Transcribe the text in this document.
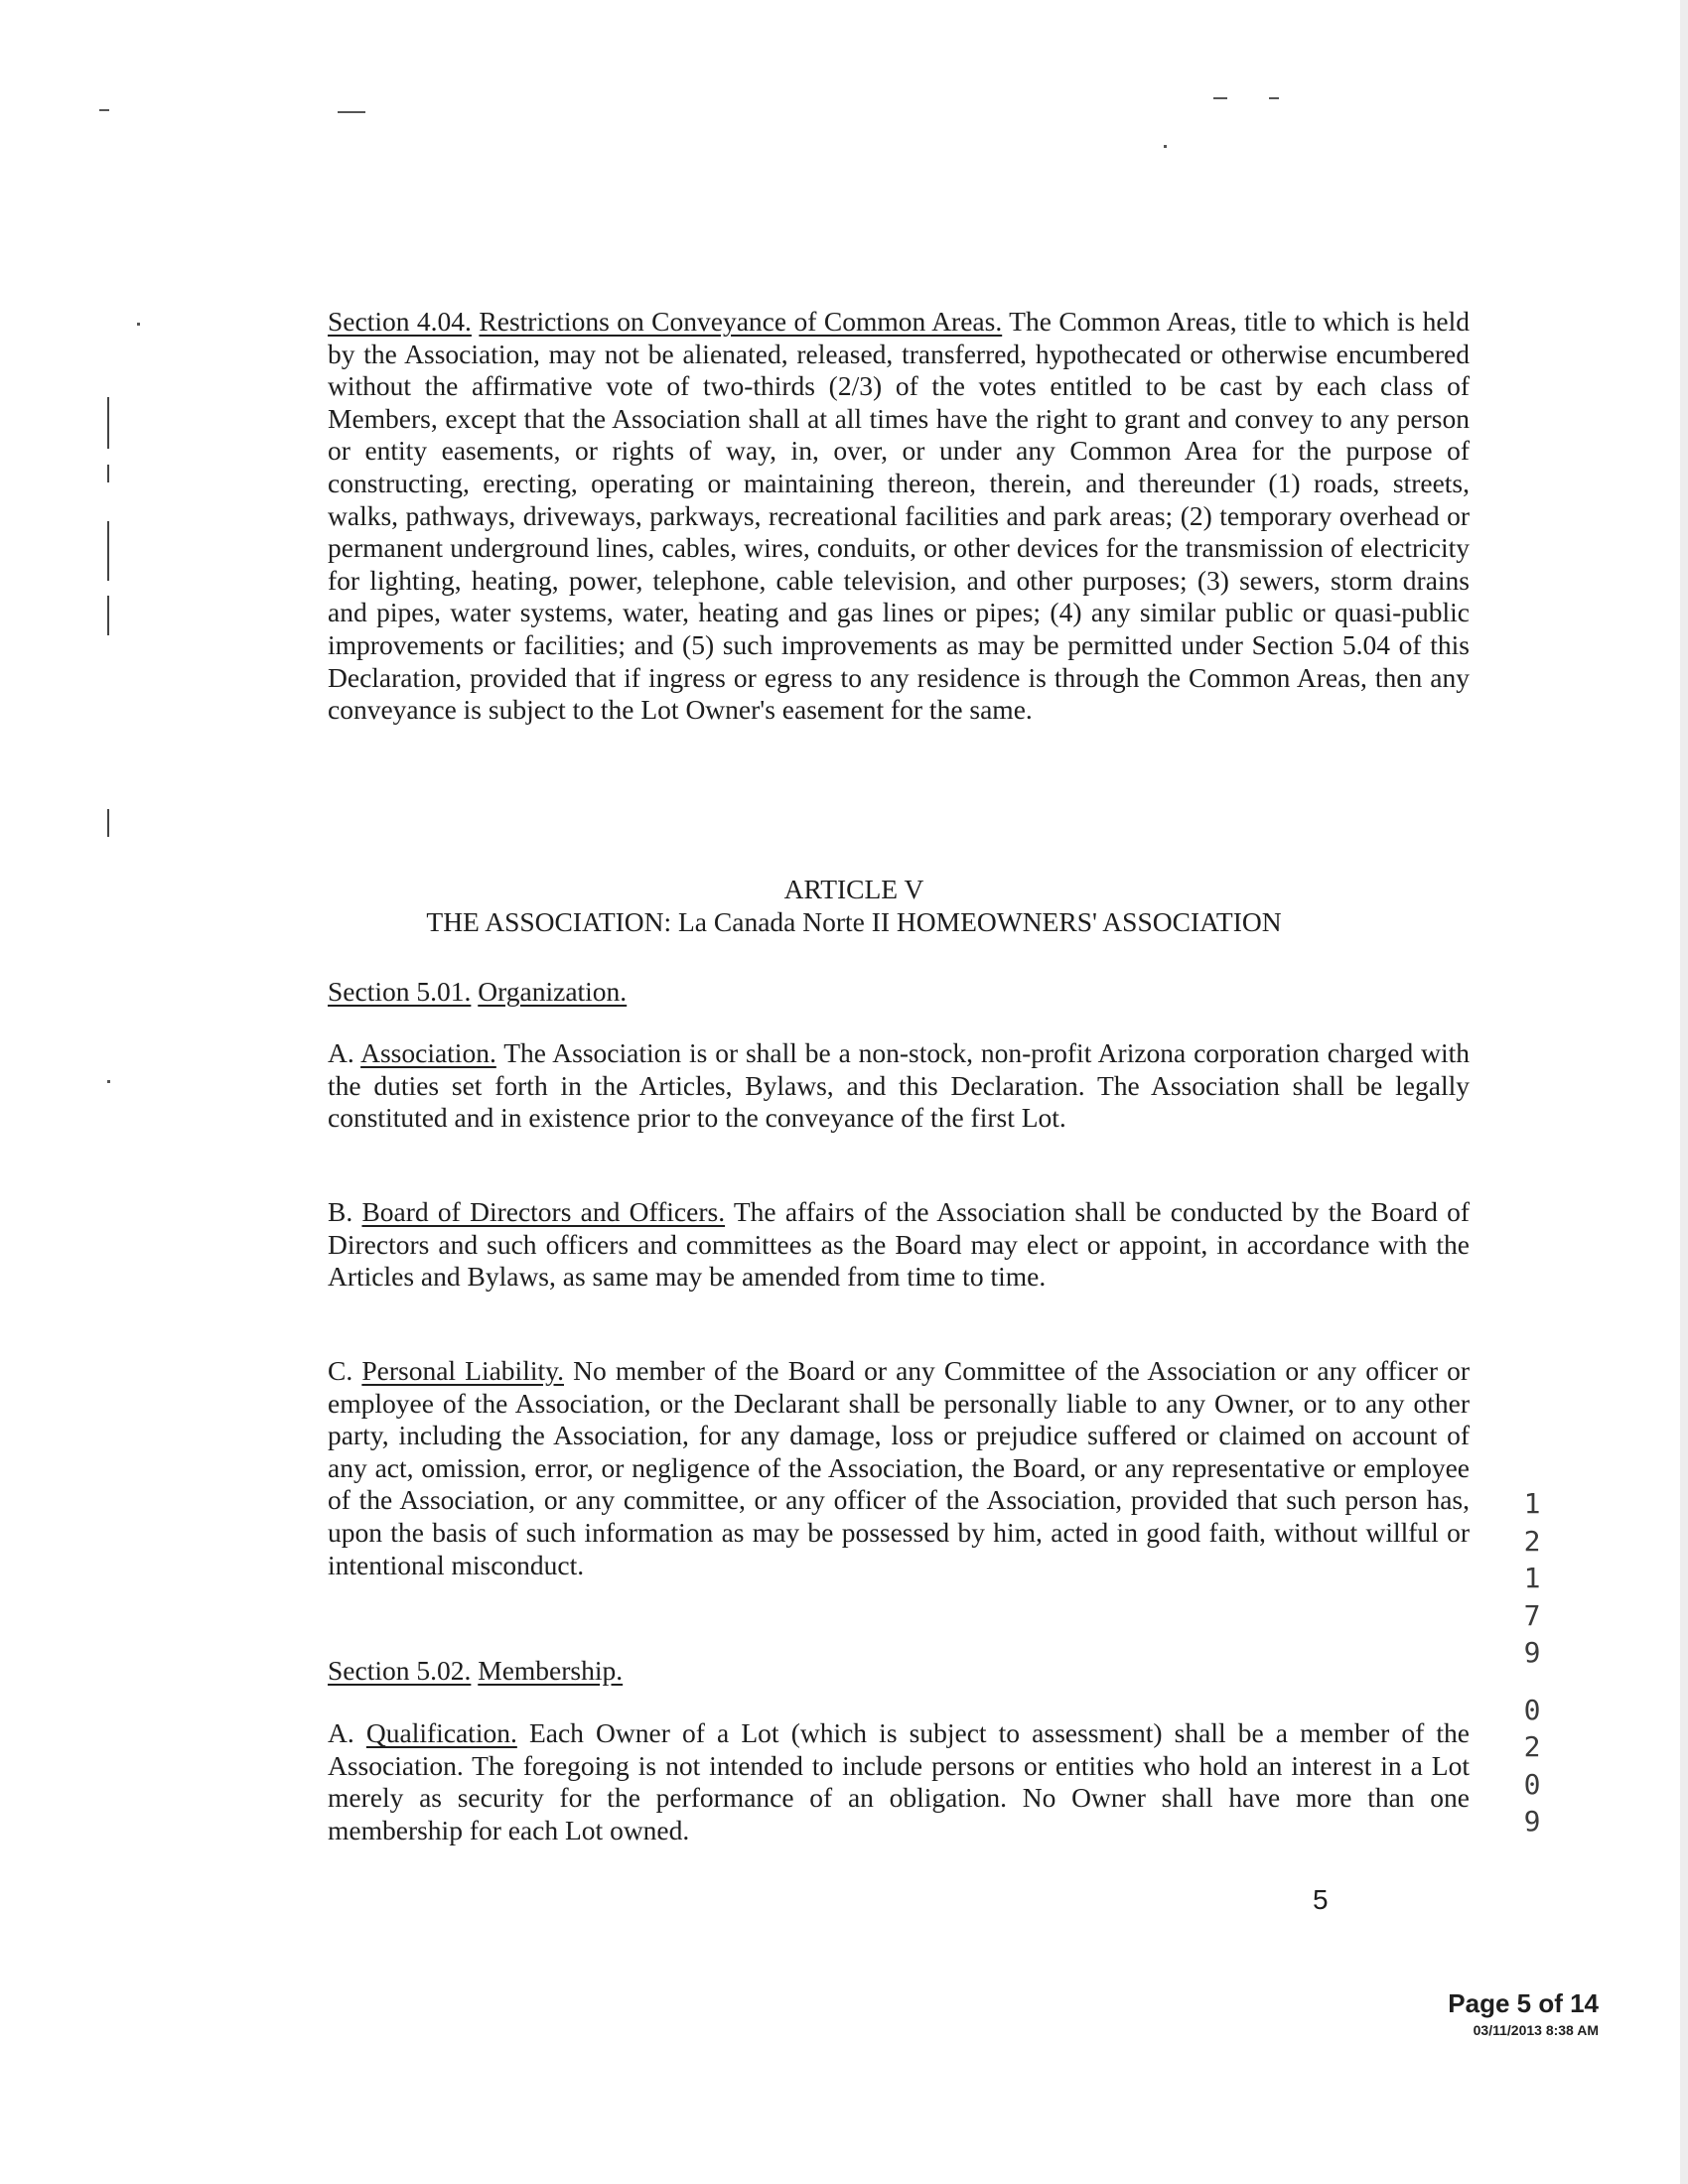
Section 4.04. Restrictions on Conveyance of Common Areas. The Common Areas, title to which is held by the Association, may not be alienated, released, transferred, hypothecated or otherwise encumbered without the affirmative vote of two-thirds (2/3) of the votes entitled to be cast by each class of Members, except that the Association shall at all times have the right to grant and convey to any person or entity easements, or rights of way, in, over, or under any Common Area for the purpose of constructing, erecting, operating or maintaining thereon, therein, and thereunder (1) roads, streets, walks, pathways, driveways, parkways, recreational facilities and park areas; (2) temporary overhead or permanent underground lines, cables, wires, conduits, or other devices for the transmission of electricity for lighting, heating, power, telephone, cable television, and other purposes; (3) sewers, storm drains and pipes, water systems, water, heating and gas lines or pipes; (4) any similar public or quasi-public improvements or facilities; and (5) such improvements as may be permitted under Section 5.04 of this Declaration, provided that if ingress or egress to any residence is through the Common Areas, then any conveyance is subject to the Lot Owner's easement for the same.

ARTICLE V
THE ASSOCIATION: La Canada Norte II HOMEOWNERS' ASSOCIATION
Section 5.01. Organization.

A. Association. The Association is or shall be a non-stock, non-profit Arizona corporation charged with the duties set forth in the Articles, Bylaws, and this Declaration. The Association shall be legally constituted and in existence prior to the conveyance of the first Lot.

B. Board of Directors and Officers. The affairs of the Association shall be conducted by the Board of Directors and such officers and committees as the Board may elect or appoint, in accordance with the Articles and Bylaws, as same may be amended from time to time.

C. Personal Liability. No member of the Board or any Committee of the Association or any officer or employee of the Association, or the Declarant shall be personally liable to any Owner, or to any other party, including the Association, for any damage, loss or prejudice suffered or claimed on account of any act, omission, error, or negligence of the Association, the Board, or any representative or employee of the Association, or any committee, or any officer of the Association, provided that such person has, upon the basis of such information as may be possessed by him, acted in good faith, without willful or intentional misconduct.

Section 5.02. Membership.

A. Qualification. Each Owner of a Lot (which is subject to assessment) shall be a member of the Association. The foregoing is not intended to include persons or entities who hold an interest in a Lot merely as security for the performance of an obligation. No Owner shall have more than one membership for each Lot owned.

1
2
1
7
9
0
2
0
9
5
Page 5 of 14
03/11/2013 8:38 AM
